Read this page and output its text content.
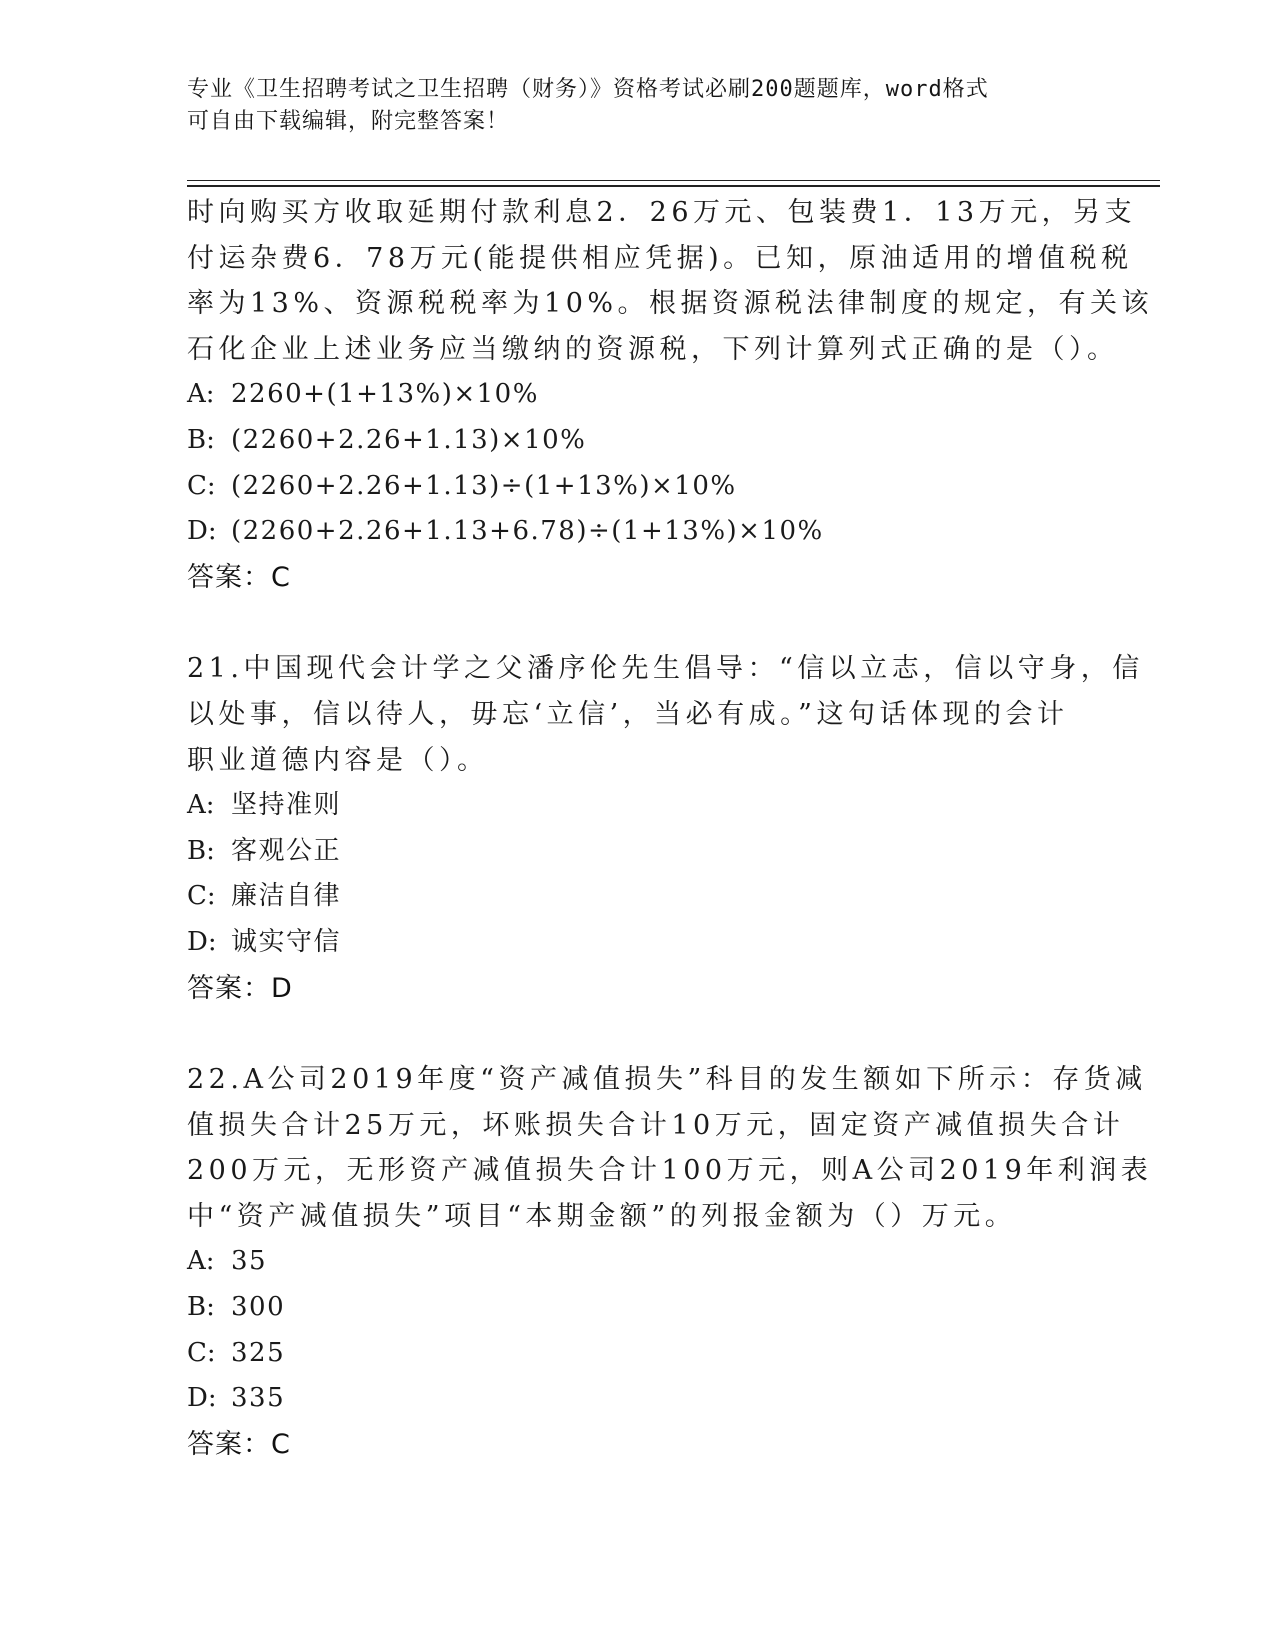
专业《卫生招聘考试之卫生招聘（财务）》资格考试必刷200题题库，word格式
可自由下载编辑，附完整答案！
时向购买方收取延期付款利息2．26万元、包装费1．13万元，另支
付运杂费6．78万元(能提供相应凭据)。已知，原油适用的增值税税
率为13%、资源税税率为10%。根据资源税法律制度的规定，有关该
石化企业上述业务应当缴纳的资源税，下列计算列式正确的是（）。
A: 2260+(1+13%)×10%
B: (2260+2.26+1.13)×10%
C: (2260+2.26+1.13)÷(1+13%)×10%
D: (2260+2.26+1.13+6.78)÷(1+13%)×10%
答案：C
21.中国现代会计学之父潘序伦先生倡导：“信以立志，信以守身，信
以处事，信以待人，毋忘‘立信’，当必有成。”这句话体现的会计
职业道德内容是（）。
A: 坚持准则
B: 客观公正
C: 廉洁自律
D: 诚实守信
答案：D
22.A公司2019年度“资产减值损失”科目的发生额如下所示：存货减
值损失合计25万元，坏账损失合计10万元，固定资产减值损失合计
200万元，无形资产减值损失合计100万元，则A公司2019年利润表
中“资产减值损失”项目“本期金额”的列报金额为（）万元。
A: 35
B: 300
C: 325
D: 335
答案：C
